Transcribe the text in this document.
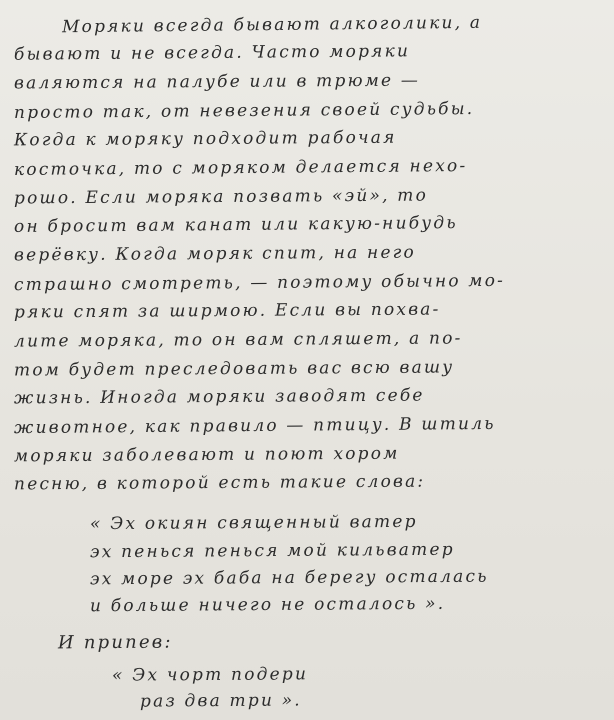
Моряки всегда бывают алкоголики, а
бывают и не всегда. Часто моряки
валяются на палубе или в трюме —
просто так, от невезения своей судьбы.
Когда к моряку подходит рабочая
косточка, то с моряком делается нехо-
рошо. Если моряка позвать «эй», то
он бросит вам канат или какую-нибудь
верёвку. Когда моряк спит, на него
страшно смотреть, — поэтому обычно мо-
ряки спят за ширмою. Если вы похва-
лите моряка, то он вам спляшет, а по-
том будет преследовать вас всю вашу
жизнь. Иногда моряки заводят себе
животное, как правило — птицу. В штиль
моряки заболевают и поют хором
песню, в которой есть такие слова:
« Эх окиян священный ватер
эх пенься пенься мой кильватер
эх море эх баба на берегу осталась
и больше ничего не осталось ».
И припев:
« Эх чорт подери
раз два три ».
